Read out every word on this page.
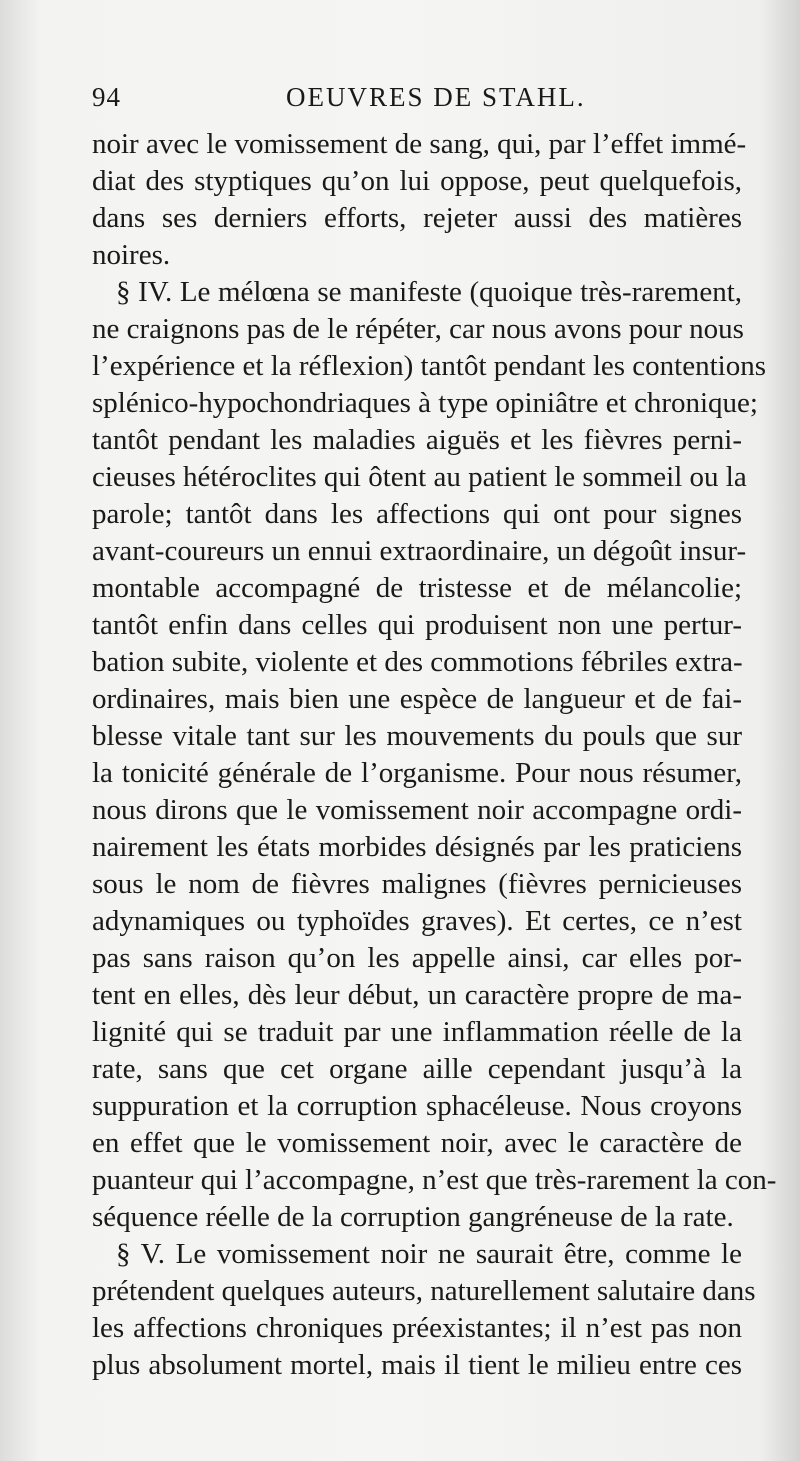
94	OEUVRES DE STAHL.
noir avec le vomissement de sang, qui, par l’effet immé-
diat des styptiques qu’on lui oppose, peut quelquefois,
dans ses derniers efforts, rejeter aussi des matières
noires.
§ IV. Le mélœna se manifeste (quoique très-rarement,
ne craignons pas de le répéter, car nous avons pour nous
l’expérience et la réflexion) tantôt pendant les contentions
splénico-hypochondriaques à type opiniâtre et chronique;
tantôt pendant les maladies aiguës et les fièvres perni-
cieuses hétéroclites qui ôtent au patient le sommeil ou la
parole; tantôt dans les affections qui ont pour signes
avant-coureurs un ennui extraordinaire, un dégoût insur-
montable accompagné de tristesse et de mélancolie;
tantôt enfin dans celles qui produisent non une pertur-
bation subite, violente et des commotions fébriles extra-
ordinaires, mais bien une espèce de langueur et de fai-
blesse vitale tant sur les mouvements du pouls que sur
la tonicité générale de l’organisme. Pour nous résumer,
nous dirons que le vomissement noir accompagne ordi-
nairement les états morbides désignés par les praticiens
sous le nom de fièvres malignes (fièvres pernicieuses
adynamiques ou typhoïdes graves). Et certes, ce n’est
pas sans raison qu’on les appelle ainsi, car elles por-
tent en elles, dès leur début, un caractère propre de ma-
lignité qui se traduit par une inflammation réelle de la
rate, sans que cet organe aille cependant jusqu’à la
suppuration et la corruption sphacéleuse. Nous croyons
en effet que le vomissement noir, avec le caractère de
puanteur qui l’accompagne, n’est que très-rarement la con-
séquence réelle de la corruption gangréneuse de la rate.
§ V. Le vomissement noir ne saurait être, comme le
prétendent quelques auteurs, naturellement salutaire dans
les affections chroniques préexistantes; il n’est pas non
plus absolument mortel, mais il tient le milieu entre ces
